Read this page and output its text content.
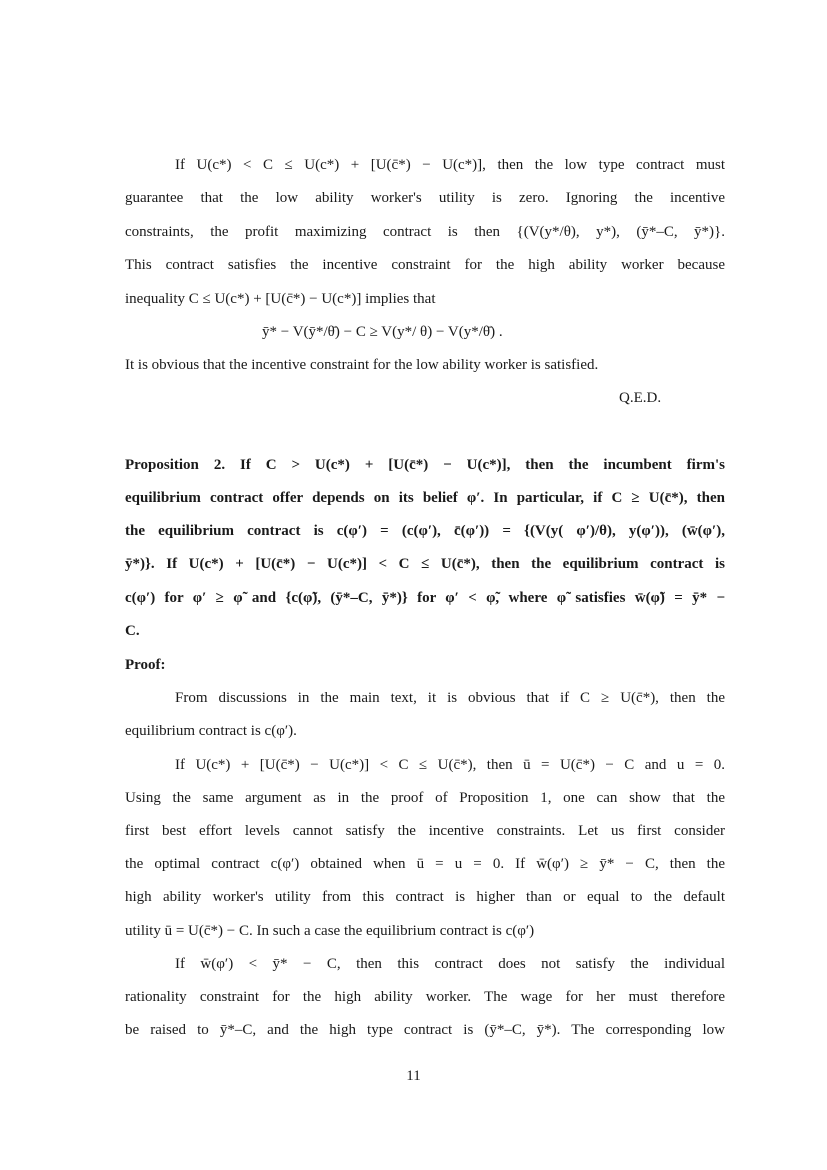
If U(c*) < C ≤ U(c*) + [U(c̄*) − U(c*)], then the low type contract must
guarantee that the low ability worker's utility is zero. Ignoring the incentive
constraints, the profit maximizing contract is then {(V(y*/θ), y*), (ȳ*–C, ȳ*)}.
This contract satisfies the incentive constraint for the high ability worker because
inequality C ≤ U(c*) + [U(c̄*) − U(c*)] implies that
ȳ* − V(ȳ*/θ̄) − C ≥ V(y*/ θ) − V(y*/θ̄) .
It is obvious that the incentive constraint for the low ability worker is satisfied.
Q.E.D.
Proposition 2. If C > U(c*) + [U(c̄*) − U(c*)], then the incumbent firm's
equilibrium contract offer depends on its belief φ′. In particular, if C ≥ U(c̄*), then
the equilibrium contract is c(φ′) = (c(φ′), c̄(φ′)) = {(V(y( φ′)/θ), y(φ′)), (w̄(φ′),
ȳ*)}. If U(c*) + [U(c̄*) − U(c*)] < C ≤ U(c̄*), then the equilibrium contract is
c(φ′) for φ′ ≥ φ̃ and {c(φ̃), (ȳ*–C, ȳ*)} for φ′ < φ̃, where φ̃ satisfies w̄(φ̃) = ȳ* −
C.
Proof:
From discussions in the main text, it is obvious that if C ≥ U(c̄*), then the
equilibrium contract is c(φ′).
If U(c*) + [U(c̄*) − U(c*)] < C ≤ U(c̄*), then ū = U(c̄*) − C and u = 0.
Using the same argument as in the proof of Proposition 1, one can show that the
first best effort levels cannot satisfy the incentive constraints. Let us first consider
the optimal contract c(φ′) obtained when ū = u = 0. If w̄(φ′) ≥ ȳ* − C, then the
high ability worker's utility from this contract is higher than or equal to the default
utility ū = U(c̄*) − C. In such a case the equilibrium contract is c(φ′)
If w̄(φ′) < ȳ* − C, then this contract does not satisfy the individual
rationality constraint for the high ability worker. The wage for her must therefore
be raised to ȳ*–C, and the high type contract is (ȳ*–C, ȳ*). The corresponding low
11
